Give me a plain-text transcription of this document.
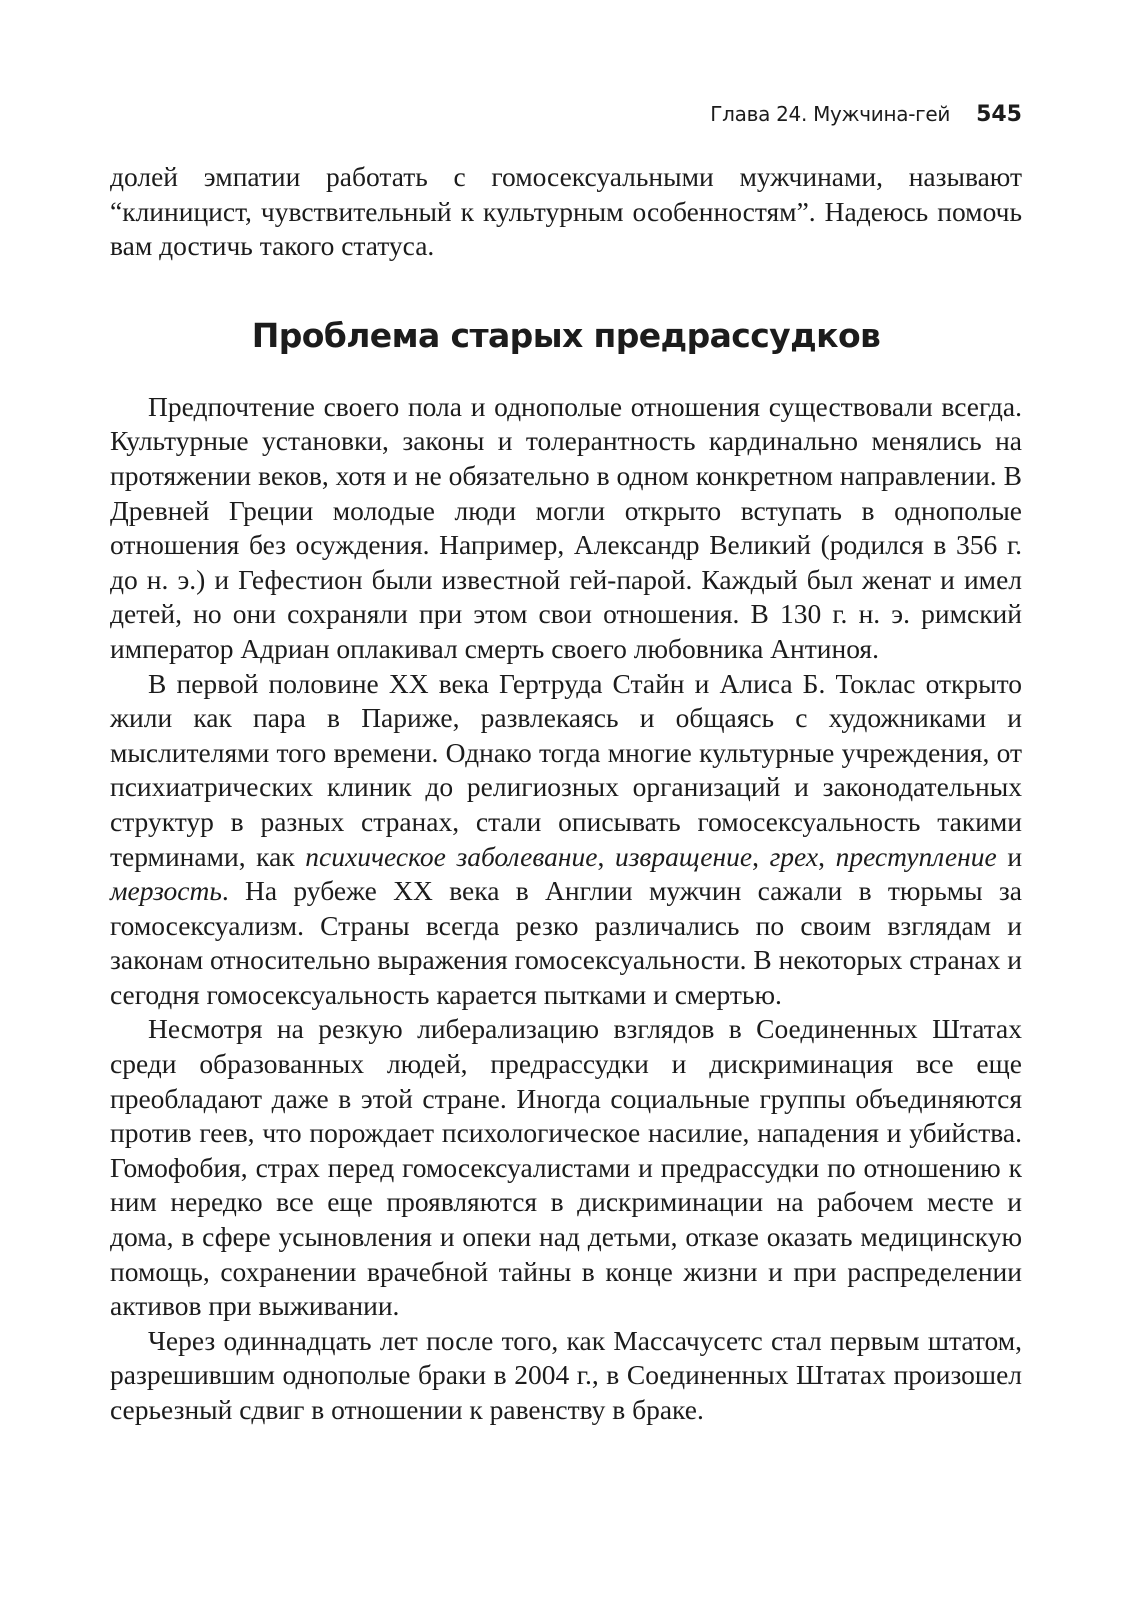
Глава 24. Мужчина-гей 545

долей эмпатии работать с гомосексуальными мужчинами, называют “клиницист, чувствительный к культурным особенностям”. Надеюсь помочь вам достичь такого статуса.

Проблема старых предрассудков

Предпочтение своего пола и однополые отношения существовали всегда. Культурные установки, законы и толерантность кардинально менялись на протяжении веков, хотя и не обязательно в одном конкретном направлении. В Древней Греции молодые люди могли открыто вступать в однополые отношения без осуждения. Например, Александр Великий (родился в 356 г. до н. э.) и Гефестион были известной гей-парой. Каждый был женат и имел детей, но они сохраняли при этом свои отношения. В 130 г. н. э. римский император Адриан оплакивал смерть своего любовника Антиноя.

В первой половине XX века Гертруда Стайн и Алиса Б. Токлас открыто жили как пара в Париже, развлекаясь и общаясь с художниками и мыслителями того времени. Однако тогда многие культурные учреждения, от психиатрических клиник до религиозных организаций и законодательных структур в разных странах, стали описывать гомосексуальность такими терминами, как психическое заболевание, извращение, грех, преступление и мерзость. На рубеже XX века в Англии мужчин сажали в тюрьмы за гомосексуализм. Страны всегда резко различались по своим взглядам и законам относительно выражения гомосексуальности. В некоторых странах и сегодня гомосексуальность карается пытками и смертью.

Несмотря на резкую либерализацию взглядов в Соединенных Штатах среди образованных людей, предрассудки и дискриминация все еще преобладают даже в этой стране. Иногда социальные группы объединяются против геев, что порождает психологическое насилие, нападения и убийства. Гомофобия, страх перед гомосексуалистами и предрассудки по отношению к ним нередко все еще проявляются в дискриминации на рабочем месте и дома, в сфере усыновления и опеки над детьми, отказе оказать медицинскую помощь, сохранении врачебной тайны в конце жизни и при распределении активов при выживании.

Через одиннадцать лет после того, как Массачусетс стал первым штатом, разрешившим однополые браки в 2004 г., в Соединенных Штатах произошел серьезный сдвиг в отношении к равенству в браке.
